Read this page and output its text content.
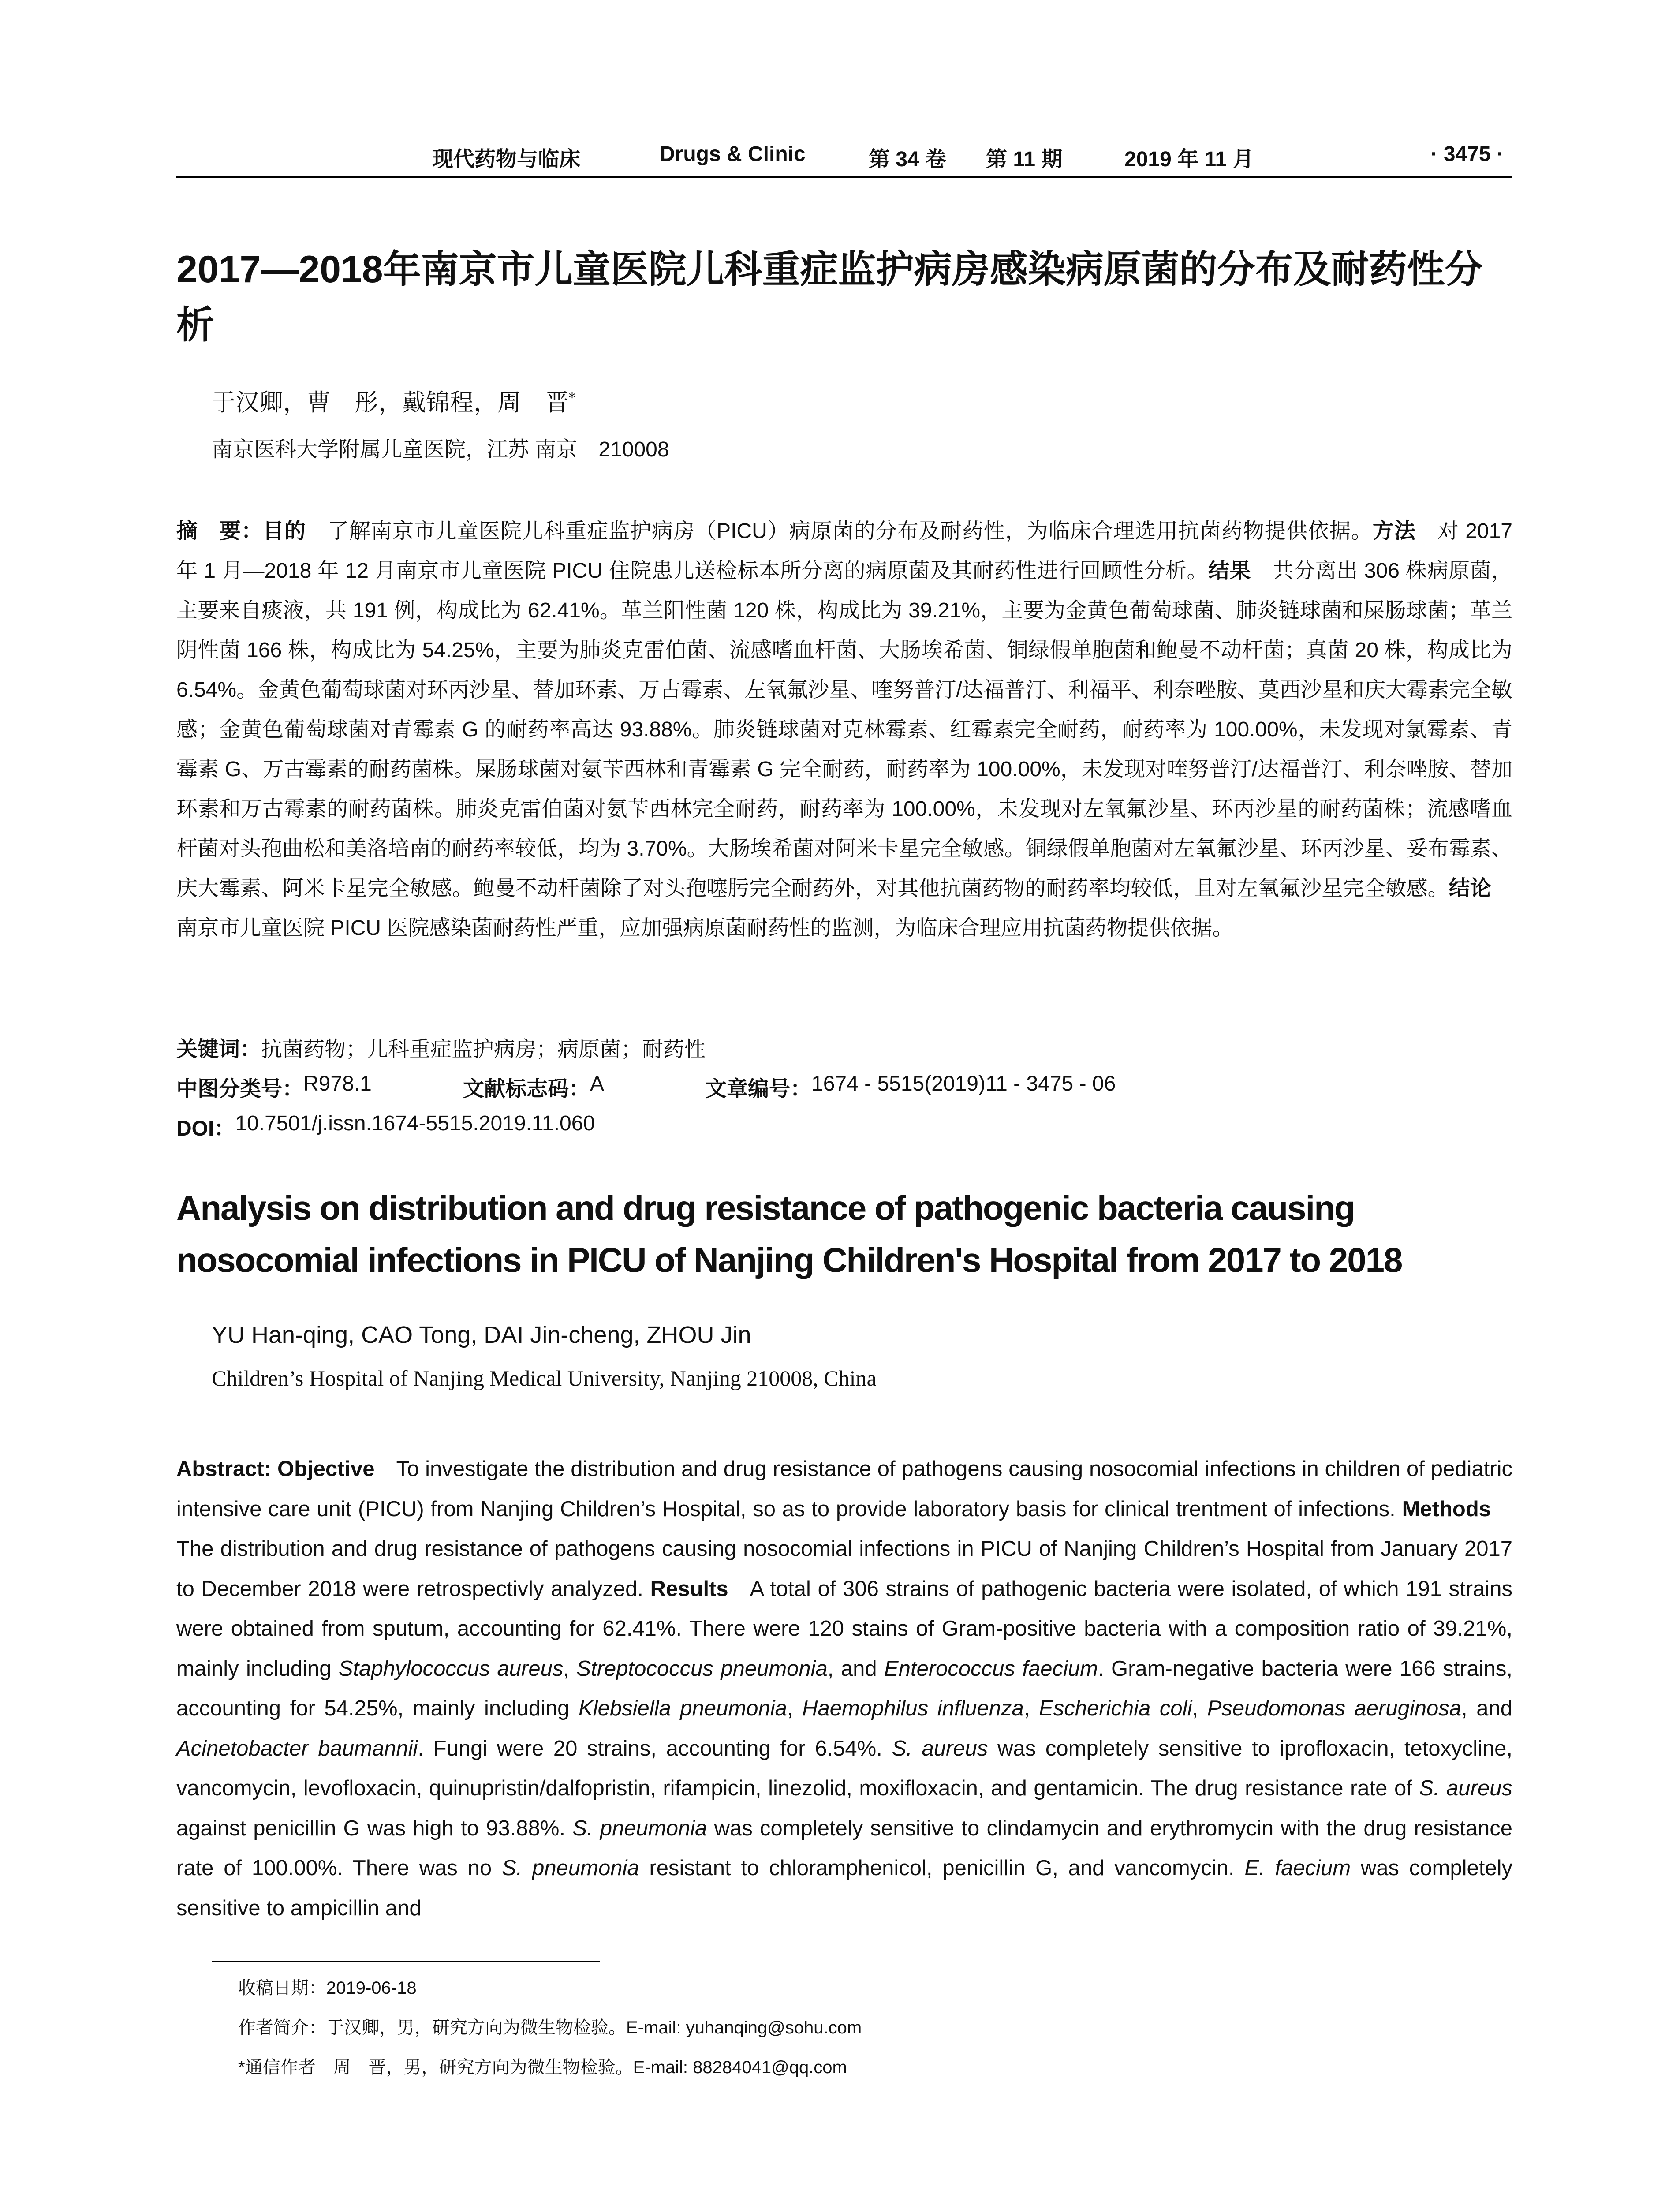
现代药物与临床	Drugs & Clinic	第 34 卷 第 11 期	2019 年 11 月	· 3475 ·
2017—2018年南京市儿童医院儿科重症监护病房感染病原菌的分布及耐药性分析
于汉卿，曹　彤，戴锦程，周　晋*
南京医科大学附属儿童医院，江苏 南京　210008

摘　要：目的  了解南京市儿童医院儿科重症监护病房（PICU）病原菌的分布及耐药性，为临床合理选用抗菌药物提供依据。方法  对 2017 年 1 月—2018 年 12 月南京市儿童医院 PICU 住院患儿送检标本所分离的病原菌及其耐药性进行回顾性分析。结果  共分离出 306 株病原菌，主要来自痰液，共 191 例，构成比为 62.41%。革兰阳性菌 120 株，构成比为 39.21%，主要为金黄色葡萄球菌、肺炎链球菌和屎肠球菌；革兰阴性菌 166 株，构成比为 54.25%，主要为肺炎克雷伯菌、流感嗜血杆菌、大肠埃希菌、铜绿假单胞菌和鲍曼不动杆菌；真菌 20 株，构成比为 6.54%。金黄色葡萄球菌对环丙沙星、替加环素、万古霉素、左氧氟沙星、喹努普汀/达福普汀、利福平、利奈唑胺、莫西沙星和庆大霉素完全敏感；金黄色葡萄球菌对青霉素 G 的耐药率高达 93.88%。肺炎链球菌对克林霉素、红霉素完全耐药，耐药率为 100.00%，未发现对氯霉素、青霉素 G、万古霉素的耐药菌株。屎肠球菌对氨苄西林和青霉素 G 完全耐药，耐药率为 100.00%，未发现对喹努普汀/达福普汀、利奈唑胺、替加环素和万古霉素的耐药菌株。肺炎克雷伯菌对氨苄西林完全耐药，耐药率为 100.00%，未发现对左氧氟沙星、环丙沙星的耐药菌株；流感嗜血杆菌对头孢曲松和美洛培南的耐药率较低，均为 3.70%。大肠埃希菌对阿米卡星完全敏感。铜绿假单胞菌对左氧氟沙星、环丙沙星、妥布霉素、庆大霉素、阿米卡星完全敏感。鲍曼不动杆菌除了对头孢噻肟完全耐药外，对其他抗菌药物的耐药率均较低，且对左氧氟沙星完全敏感。结论 南京市儿童医院 PICU 医院感染菌耐药性严重，应加强病原菌耐药性的监测，为临床合理应用抗菌药物提供依据。

关键词： 抗菌药物；儿科重症监护病房；病原菌；耐药性
中图分类号： R978.1	文献标志码： A	文章编号： 1674 - 5515(2019)11 - 3475 - 06
DOI： 10.7501/j.issn.1674-5515.2019.11.060
Analysis on distribution and drug resistance of pathogenic bacteria causing nosocomial infections in PICU of Nanjing Children's Hospital from 2017 to 2018
YU Han-qing, CAO Tong, DAI Jin-cheng, ZHOU Jin
Children’s Hospital of Nanjing Medical University, Nanjing 210008, China

Abstract: Objective  To investigate the distribution and drug resistance of pathogens causing nosocomial infections in children of pediatric intensive care unit (PICU) from Nanjing Children’s Hospital, so as to provide laboratory basis for clinical trentment of infections. Methods The distribution and drug resistance of pathogens causing nosocomial infections in PICU of Nanjing Children’s Hospital from January 2017 to December 2018 were retrospectivly analyzed. Results  A total of 306 strains of pathogenic bacteria were isolated, of which 191 strains were obtained from sputum, accounting for 62.41%. There were 120 stains of Gram-positive bacteria with a composition ratio of 39.21%, mainly including Staphylococcus aureus, Streptococcus pneumonia, and Enterococcus faecium. Gram-negative bacteria were 166 strains, accounting for 54.25%, mainly including Klebsiella pneumonia, Haemophilus influenza, Escherichia coli, Pseudomonas aeruginosa, and Acinetobacter baumannii. Fungi were 20 strains, accounting for 6.54%. S. aureus was completely sensitive to iprofloxacin, tetoxycline, vancomycin, levofloxacin, quinupristin/dalfopristin, rifampicin, linezolid, moxifloxacin, and gentamicin. The drug resistance rate of S. aureus against penicillin G was high to 93.88%. S. pneumonia was completely sensitive to clindamycin and erythromycin with the drug resistance rate of 100.00%. There was no S. pneumonia resistant to chloramphenicol, penicillin G, and vancomycin. E. faecium was completely sensitive to ampicillin and

收稿日期：2019-06-18
作者简介：于汉卿，男，研究方向为微生物检验。E-mail: yuhanqing@sohu.com
*通信作者　周　晋，男，研究方向为微生物检验。E-mail: 88284041@qq.com
